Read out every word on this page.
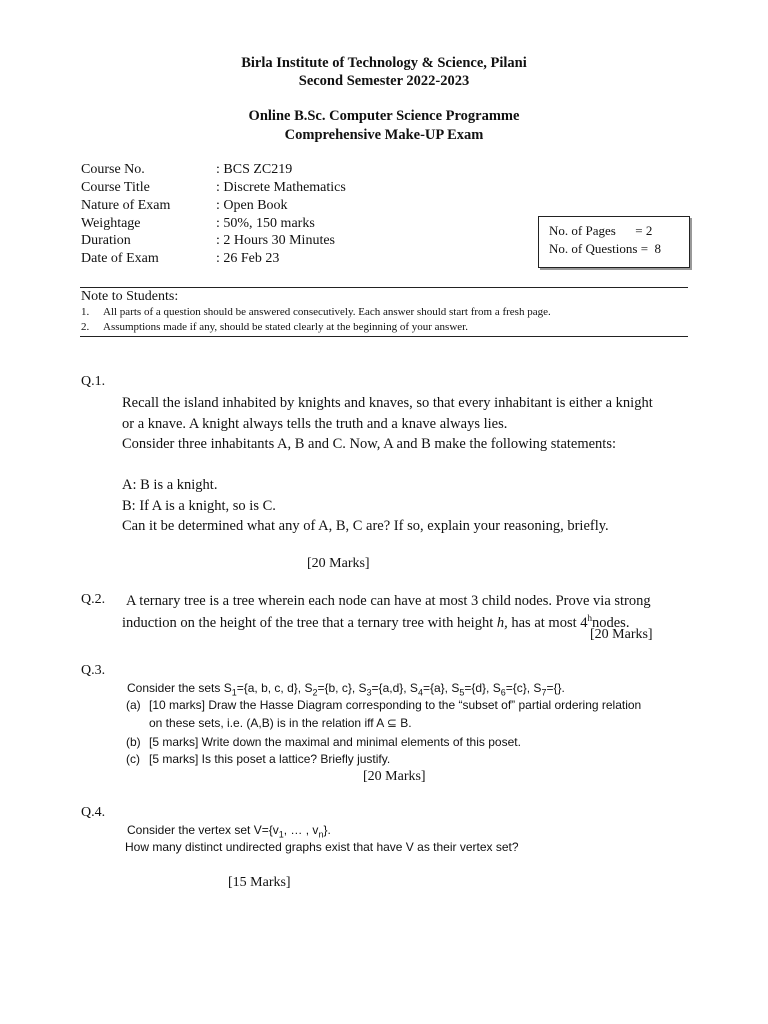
Birla Institute of Technology & Science, Pilani
Second Semester 2022-2023
Online B.Sc. Computer Science Programme
Comprehensive Make-UP Exam
Course No.	: BCS ZC219
Course Title	: Discrete Mathematics
Nature of Exam	: Open Book
Weightage	: 50%, 150 marks
Duration	: 2 Hours 30 Minutes
Date of Exam	: 26 Feb 23
No. of Pages      = 2
No. of Questions =  8
Note to Students:
1. All parts of a question should be answered consecutively. Each answer should start from a fresh page.
2. Assumptions made if any, should be stated clearly at the beginning of your answer.
Q.1.
Recall the island inhabited by knights and knaves, so that every inhabitant is either a knight
or a knave. A knight always tells the truth and a knave always lies.
Consider three inhabitants A, B and C. Now, A and B make the following statements:
A: B is a knight.
B: If A is a knight, so is C.
Can it be determined what any of A, B, C are? If so, explain your reasoning, briefly.
[20 Marks]
Q.2. A ternary tree is a tree wherein each node can have at most 3 child nodes. Prove via strong
induction on the height of the tree that a ternary tree with height h, has at most 4$^h$nodes.
[20 Marks]
Q.3.
Consider the sets $S_1=\{a$, b, c, d}, $S_2=\{b$, c}, $S_3=\{a,d\}$, $S_4=\{a\}$, $S_5=\{d\}$, $S_6=\{c\}$, $S_7=\{\}$.
(a) [10 marks] Draw the Hasse Diagram corresponding to the “subset of” partial ordering relation
on these sets, i.e. (A,B) is in the relation iff A ⊆ B.
(b) [5 marks] Write down the maximal and minimal elements of this poset.
(c) [5 marks] Is this poset a lattice? Briefly justify.
[20 Marks]
Q.4.
Consider the vertex set $V=\{v_1$, … , $v_n$}.
How many distinct undirected graphs exist that have V as their vertex set?
[15 Marks]
